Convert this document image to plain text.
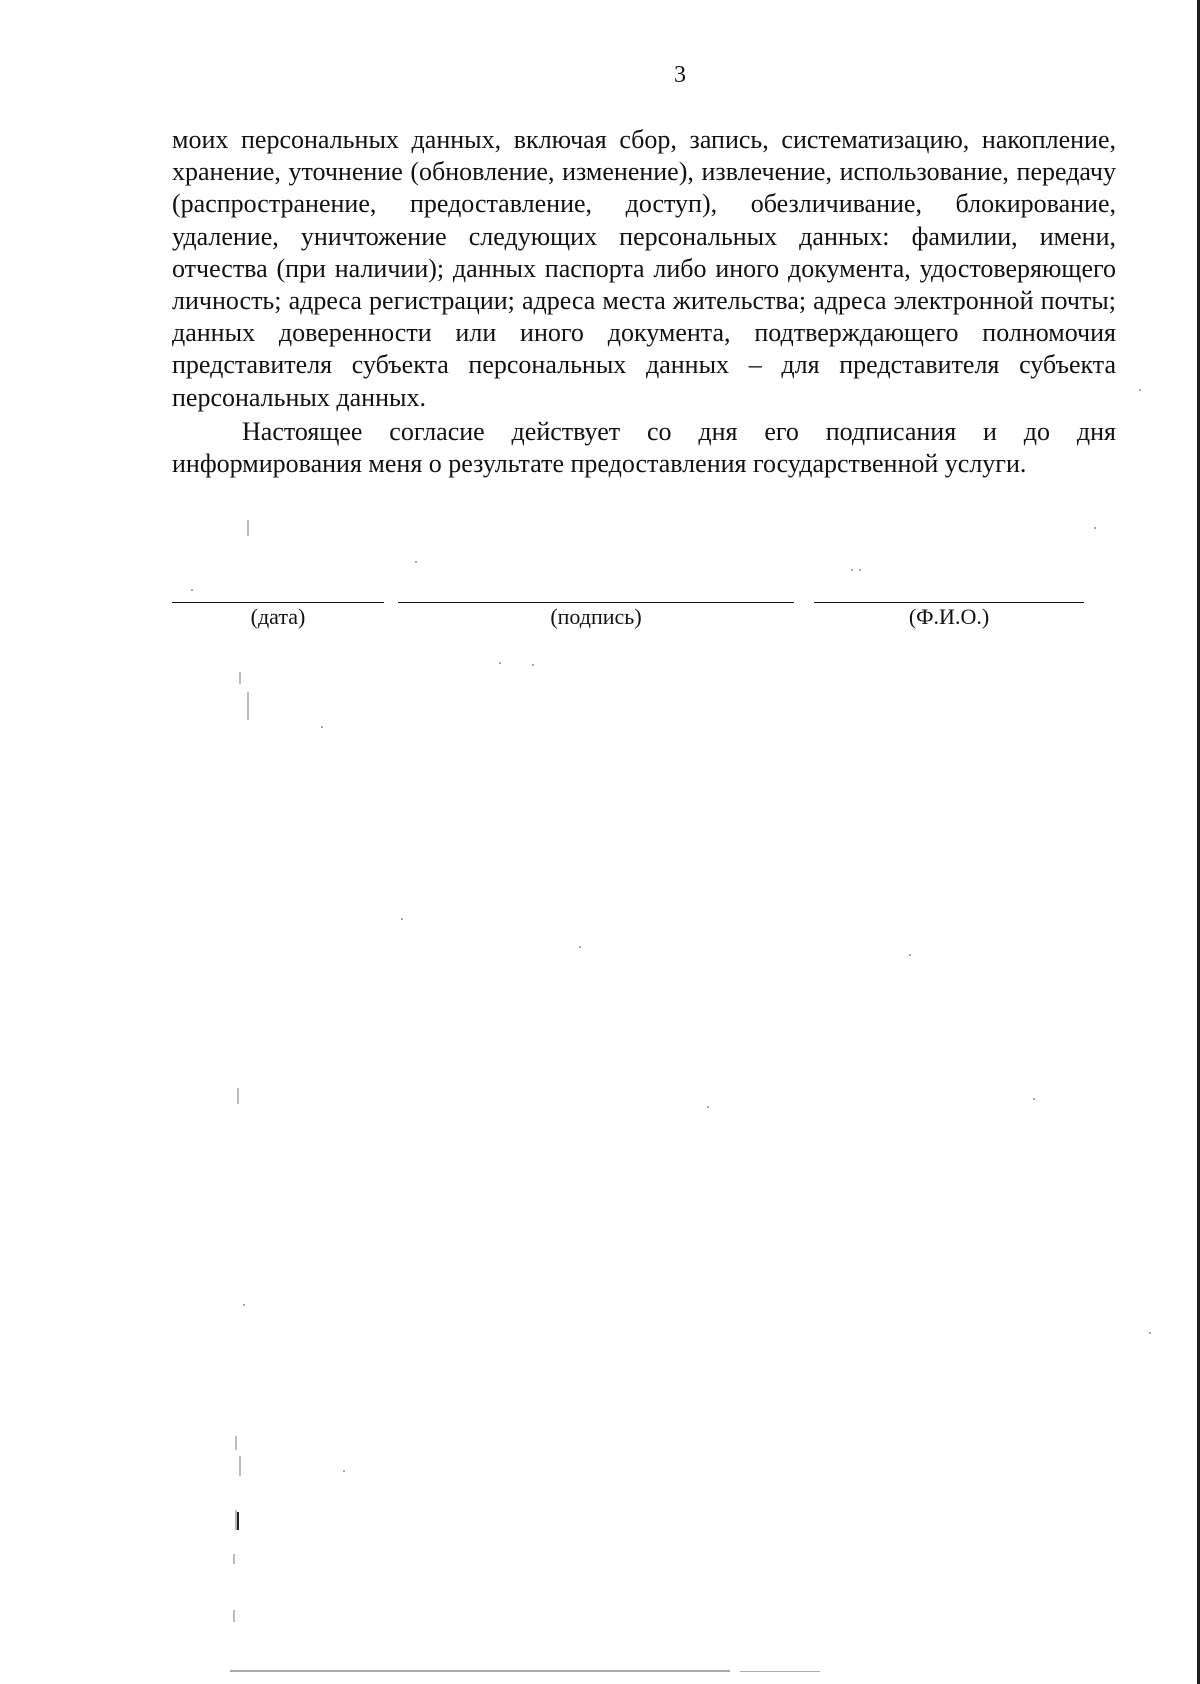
3

моих персональных данных, включая сбор, запись, систематизацию, накопление, хранение, уточнение (обновление, изменение), извлечение, использование, передачу (распространение, предоставление, доступ), обезличивание, блокирование, удаление, уничтожение следующих персональных данных: фамилии, имени, отчества (при наличии); данных паспорта либо иного документа, удостоверяющего личность; адреса регистрации; адреса места жительства; адреса электронной почты; данных доверенности или иного документа, подтверждающего полномочия представителя субъекта персональных данных – для представителя субъекта персональных данных.

Настоящее согласие действует со дня его подписания и до дня информирования меня о результате предоставления государственной услуги.

(дата)	(подпись)	(Ф.И.О.)
